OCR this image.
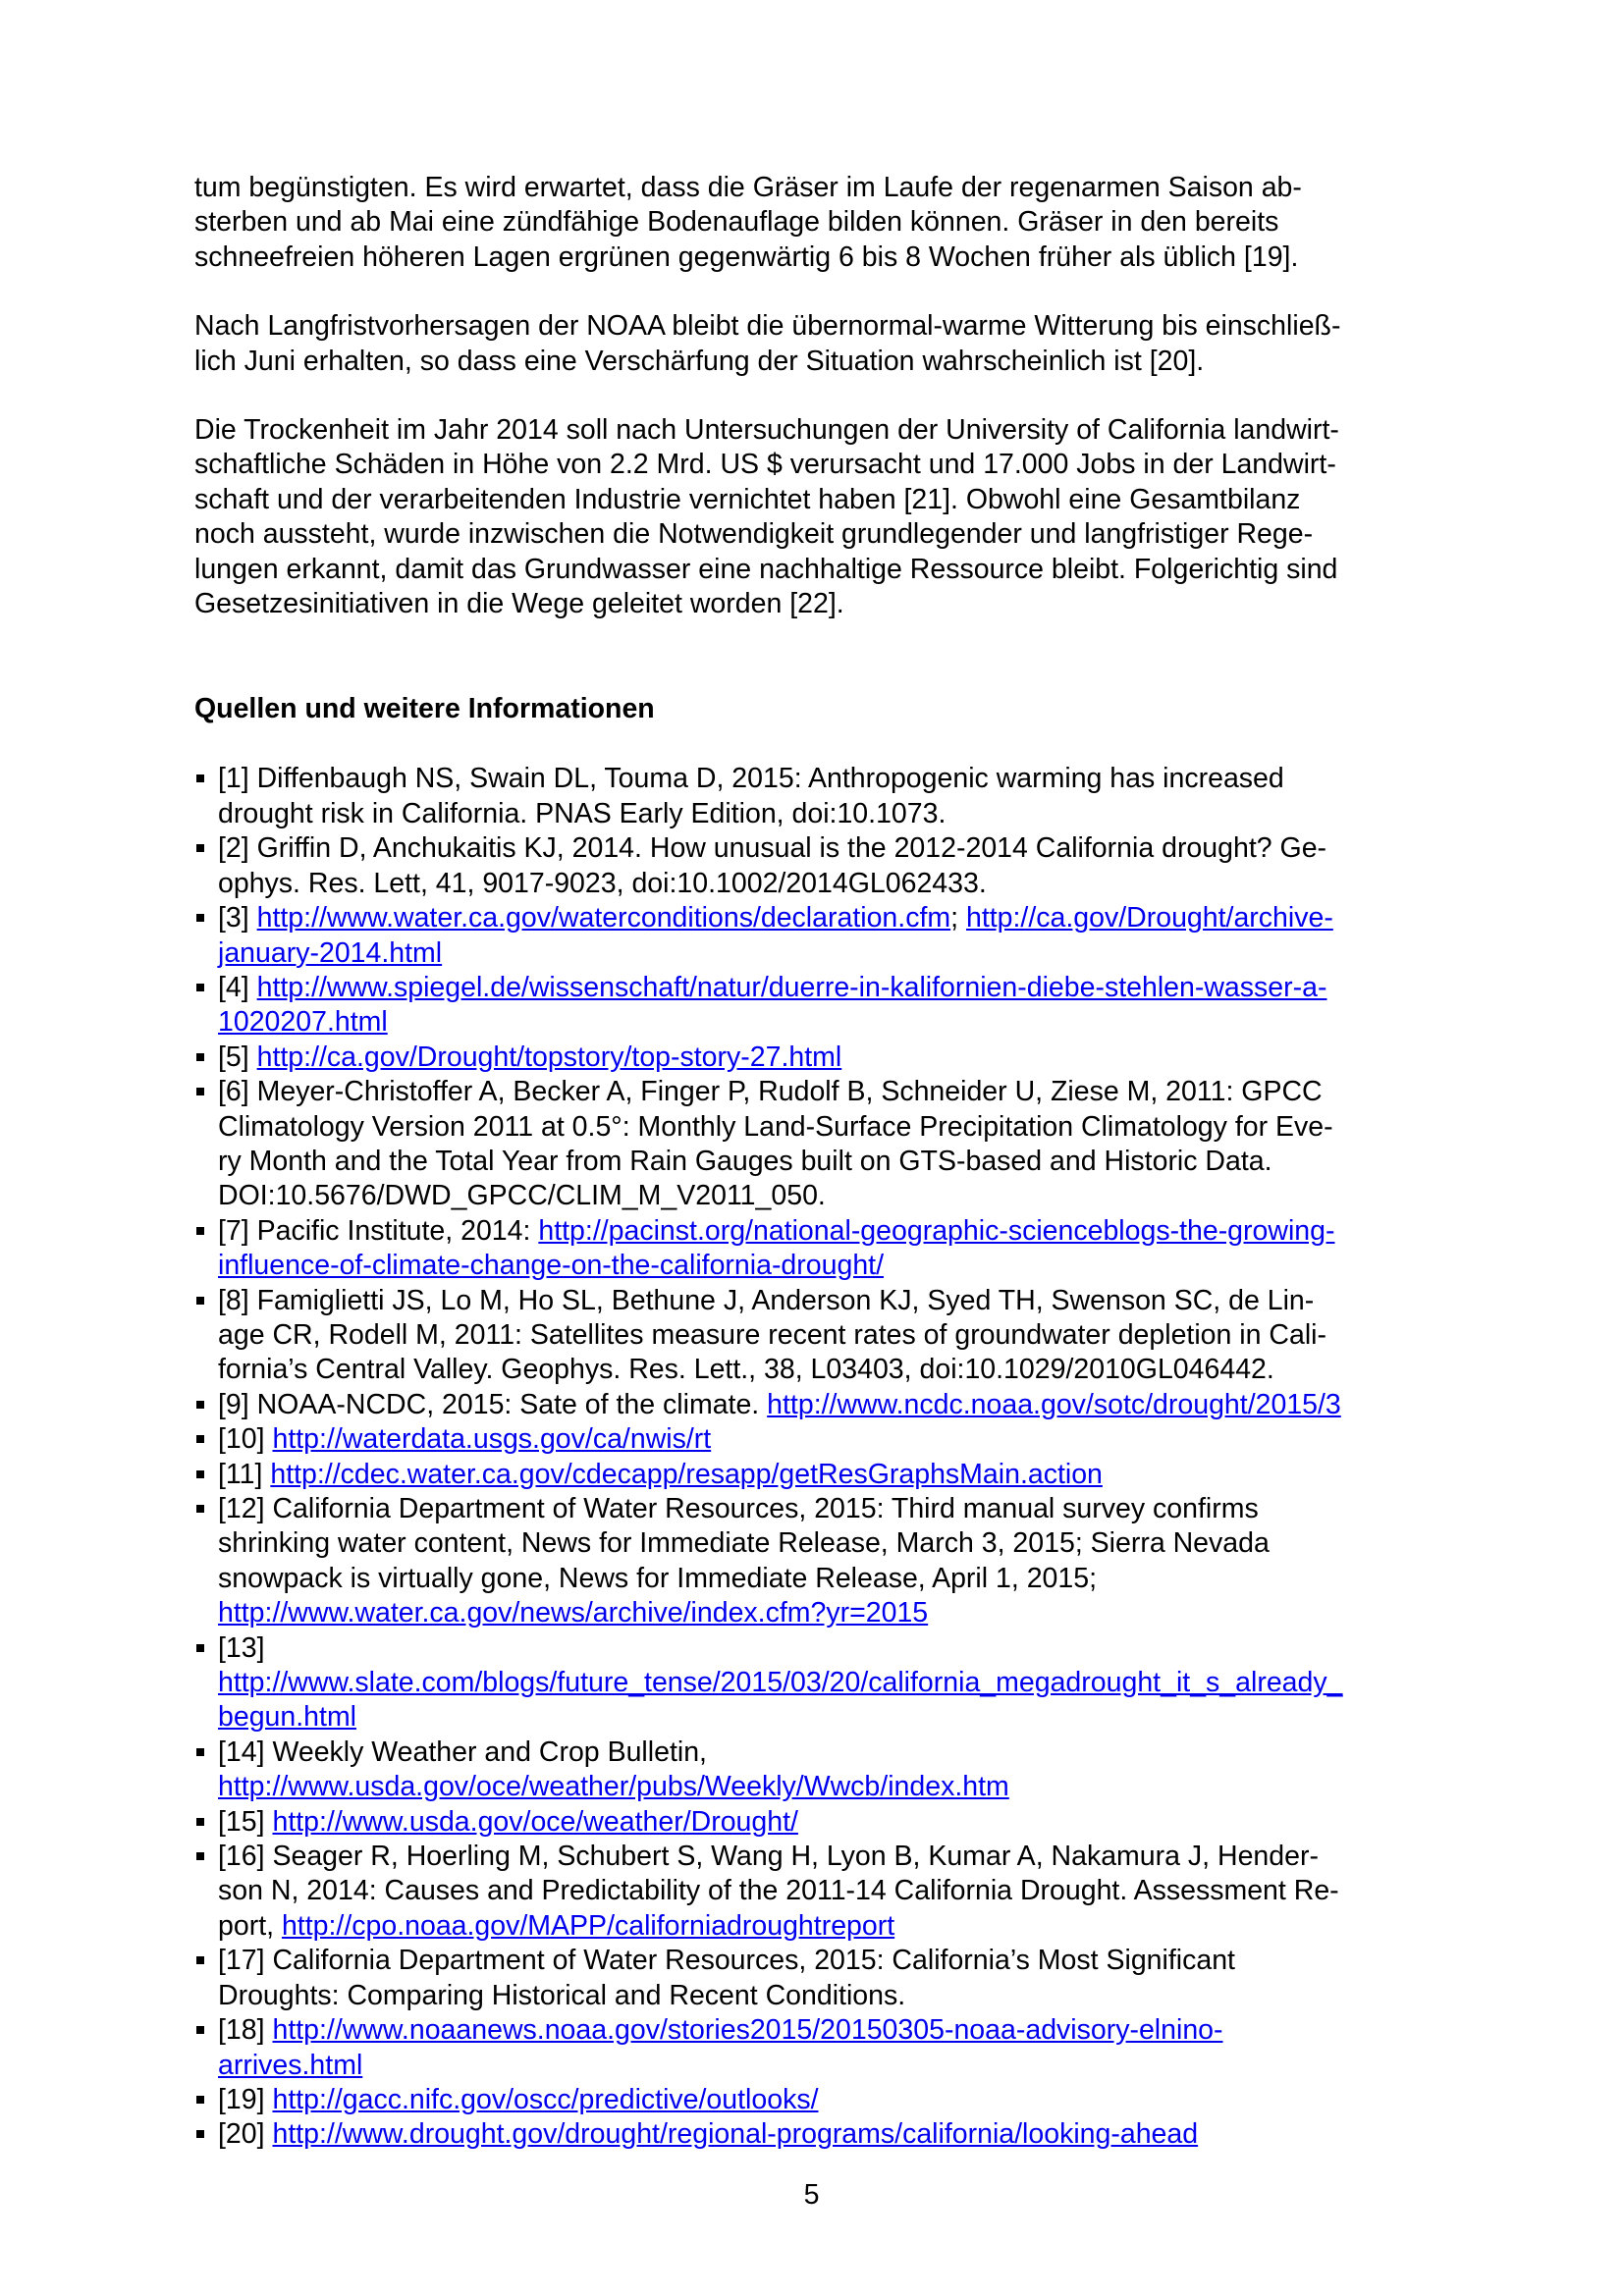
tum begünstigten. Es wird erwartet, dass die Gräser im Laufe der regenarmen Saison ab-
sterben und ab Mai eine zündfähige Bodenauflage bilden können. Gräser in den bereits
schneefreien höheren Lagen ergrünen gegenwärtig 6 bis 8 Wochen früher als üblich [19].

Nach Langfristvorhersagen der NOAA bleibt die übernormal-warme Witterung bis einschließ-
lich Juni erhalten, so dass eine Verschärfung der Situation wahrscheinlich ist [20].

Die Trockenheit im Jahr 2014 soll nach Untersuchungen der University of California landwirt-
schaftliche Schäden in Höhe von 2.2 Mrd. US $ verursacht und 17.000 Jobs in der Landwirt-
schaft und der verarbeitenden Industrie vernichtet haben [21]. Obwohl eine Gesamtbilanz
noch aussteht, wurde inzwischen die Notwendigkeit grundlegender und langfristiger Rege-
lungen erkannt, damit das Grundwasser eine nachhaltige Ressource bleibt. Folgerichtig sind
Gesetzesinitiativen in die Wege geleitet worden [22].

Quellen und weitere Informationen
[1] Diffenbaugh NS, Swain DL, Touma D, 2015: Anthropogenic warming has increased
drought risk in California. PNAS Early Edition, doi:10.1073.
[2] Griffin D, Anchukaitis KJ, 2014. How unusual is the 2012-2014 California drought? Ge-
ophys. Res. Lett, 41, 9017-9023, doi:10.1002/2014GL062433.
[3] http://www.water.ca.gov/waterconditions/declaration.cfm; http://ca.gov/Drought/archive-
january-2014.html
[4] http://www.spiegel.de/wissenschaft/natur/duerre-in-kalifornien-diebe-stehlen-wasser-a-
1020207.html
[5] http://ca.gov/Drought/topstory/top-story-27.html
[6] Meyer-Christoffer A, Becker A, Finger P, Rudolf B, Schneider U, Ziese M, 2011: GPCC
Climatology Version 2011 at 0.5°: Monthly Land-Surface Precipitation Climatology for Eve-
ry Month and the Total Year from Rain Gauges built on GTS-based and Historic Data.
DOI:10.5676/DWD_GPCC/CLIM_M_V2011_050.
[7] Pacific Institute, 2014: http://pacinst.org/national-geographic-scienceblogs-the-growing-
influence-of-climate-change-on-the-california-drought/
[8] Famiglietti JS, Lo M, Ho SL, Bethune J, Anderson KJ, Syed TH, Swenson SC, de Lin-
age CR, Rodell M, 2011: Satellites measure recent rates of groundwater depletion in Cali-
fornia’s Central Valley. Geophys. Res. Lett., 38, L03403, doi:10.1029/2010GL046442.
[9] NOAA-NCDC, 2015: Sate of the climate. http://www.ncdc.noaa.gov/sotc/drought/2015/3
[10] http://waterdata.usgs.gov/ca/nwis/rt
[11] http://cdec.water.ca.gov/cdecapp/resapp/getResGraphsMain.action
[12] California Department of Water Resources, 2015: Third manual survey confirms
shrinking water content, News for Immediate Release, March 3, 2015; Sierra Nevada
snowpack is virtually gone, News for Immediate Release, April 1, 2015;
http://www.water.ca.gov/news/archive/index.cfm?yr=2015
[13]
http://www.slate.com/blogs/future_tense/2015/03/20/california_megadrought_it_s_already_
begun.html
[14] Weekly Weather and Crop Bulletin,
http://www.usda.gov/oce/weather/pubs/Weekly/Wwcb/index.htm
[15] http://www.usda.gov/oce/weather/Drought/
[16] Seager R, Hoerling M, Schubert S, Wang H, Lyon B, Kumar A, Nakamura J, Hender-
son N, 2014: Causes and Predictability of the 2011-14 California Drought. Assessment Re-
port, http://cpo.noaa.gov/MAPP/californiadroughtreport
[17] California Department of Water Resources, 2015: California’s Most Significant
Droughts: Comparing Historical and Recent Conditions.
[18] http://www.noaanews.noaa.gov/stories2015/20150305-noaa-advisory-elnino-
arrives.html
[19] http://gacc.nifc.gov/oscc/predictive/outlooks/
[20] http://www.drought.gov/drought/regional-programs/california/looking-ahead
5
